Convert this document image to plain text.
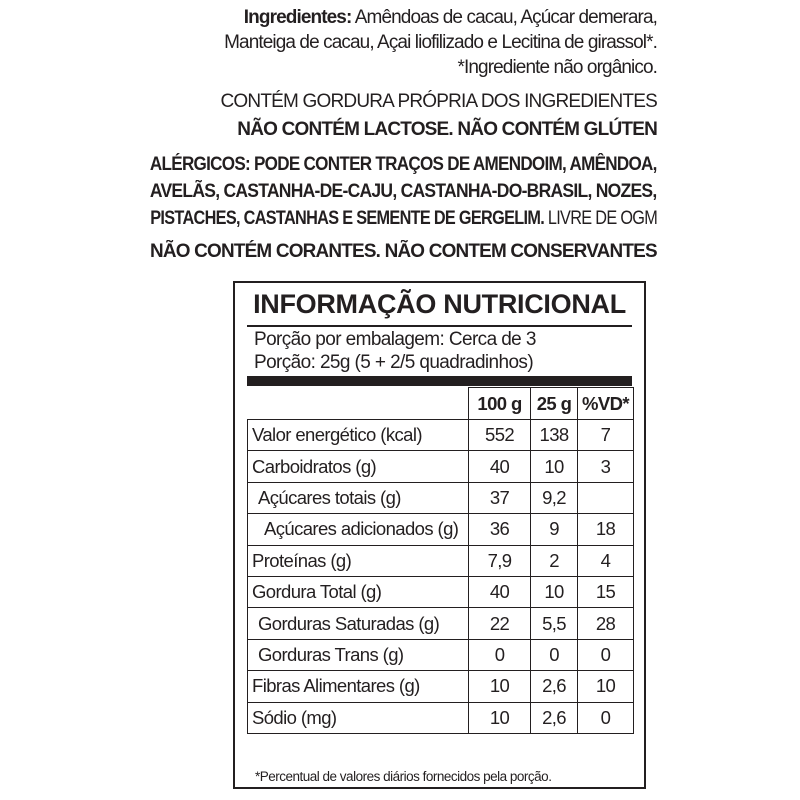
Ingredientes: Amêndoas de cacau, Açúcar demerara,
Manteiga de cacau, Açai liofilizado e Lecitina de girassol*.
*Ingrediente não orgânico.
CONTÉM GORDURA PRÓPRIA DOS INGREDIENTES
NÃO CONTÉM LACTOSE. NÃO CONTÉM GLÚTEN
ALÉRGICOS: PODE CONTER TRAÇOS DE AMENDOIM, AMÊNDOA,
AVELÃS, CASTANHA-DE-CAJU, CASTANHA-DO-BRASIL, NOZES,
PISTACHES, CASTANHAS E SEMENTE DE GERGELIM. LIVRE DE OGM
NÃO CONTÉM CORANTES. NÃO CONTEM CONSERVANTES
INFORMAÇÃO NUTRICIONAL
Porção por embalagem: Cerca de 3
Porção: 25g (5 + 2/5 quadradinhos)
	100 g	25 g	%VD*
Valor energético (kcal)	552	138	7
Carboidratos (g)	40	10	3
Açúcares totais (g)	37	9,2	
Açúcares adicionados (g)	36	9	18
Proteínas (g)	7,9	2	4
Gordura Total (g)	40	10	15
Gorduras Saturadas (g)	22	5,5	28
Gorduras Trans (g)	0	0	0
Fibras Alimentares (g)	10	2,6	10
Sódio (mg)	10	2,6	0
*Percentual de valores diários fornecidos pela porção.
